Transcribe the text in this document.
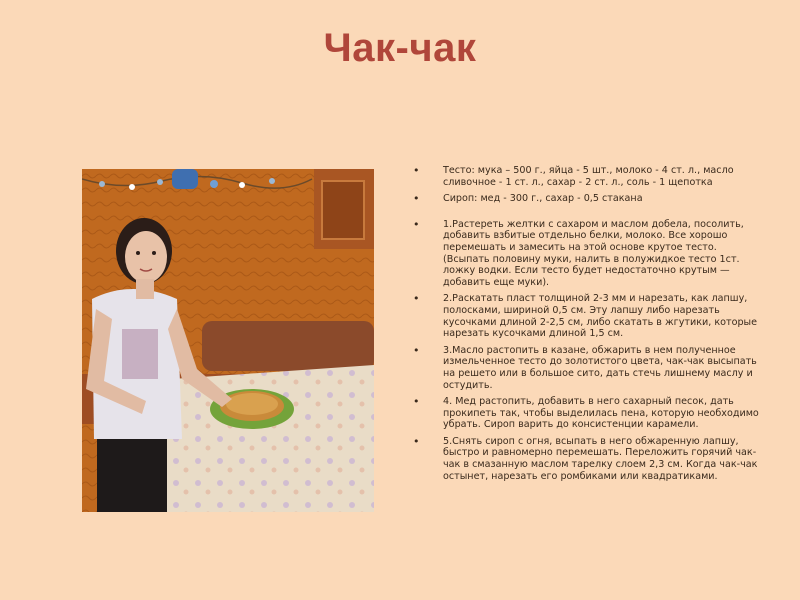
Чак-чак
• Тесто: мука – 500 г., яйца - 5 шт., молоко - 4 ст. л., масло сливочное - 1 ст. л., сахар - 2 ст. л., соль - 1 щепотка
• Сироп: мед - 300 г., сахар - 0,5 стакана
• 1.Растереть желтки с сахаром и маслом добела, посолить, добавить взбитые отдельно белки, молоко. Все хорошо перемешать и замесить на этой основе крутое тесто. (Всыпать половину муки, налить в полужидкое тесто 1ст. ложку водки. Если тесто будет недостаточно крутым — добавить еще муки).
• 2.Раскатать пласт толщиной 2-3 мм и нарезать, как лапшу, полосками, шириной 0,5 см. Эту лапшу либо нарезать кусочками длиной 2-2,5 см, либо скатать в жгутики, которые нарезать кусочками длиной 1,5 см.
• 3.Масло растопить в казане, обжарить в нем полученное измельченное тесто до золотистого цвета, чак-чак высыпать на решето или в большое сито, дать стечь лишнему маслу и остудить.
• 4. Мед растопить, добавить в него сахарный песок, дать прокипеть так, чтобы выделилась пена, которую необходимо убрать. Сироп варить до консистенции карамели.
• 5.Снять сироп с огня, всыпать в него обжаренную лапшу, быстро и равномерно перемешать. Переложить горячий чак-чак в смазанную маслом тарелку слоем 2,3 см. Когда чак-чак остынет, нарезать его ромбиками или квадратиками.
